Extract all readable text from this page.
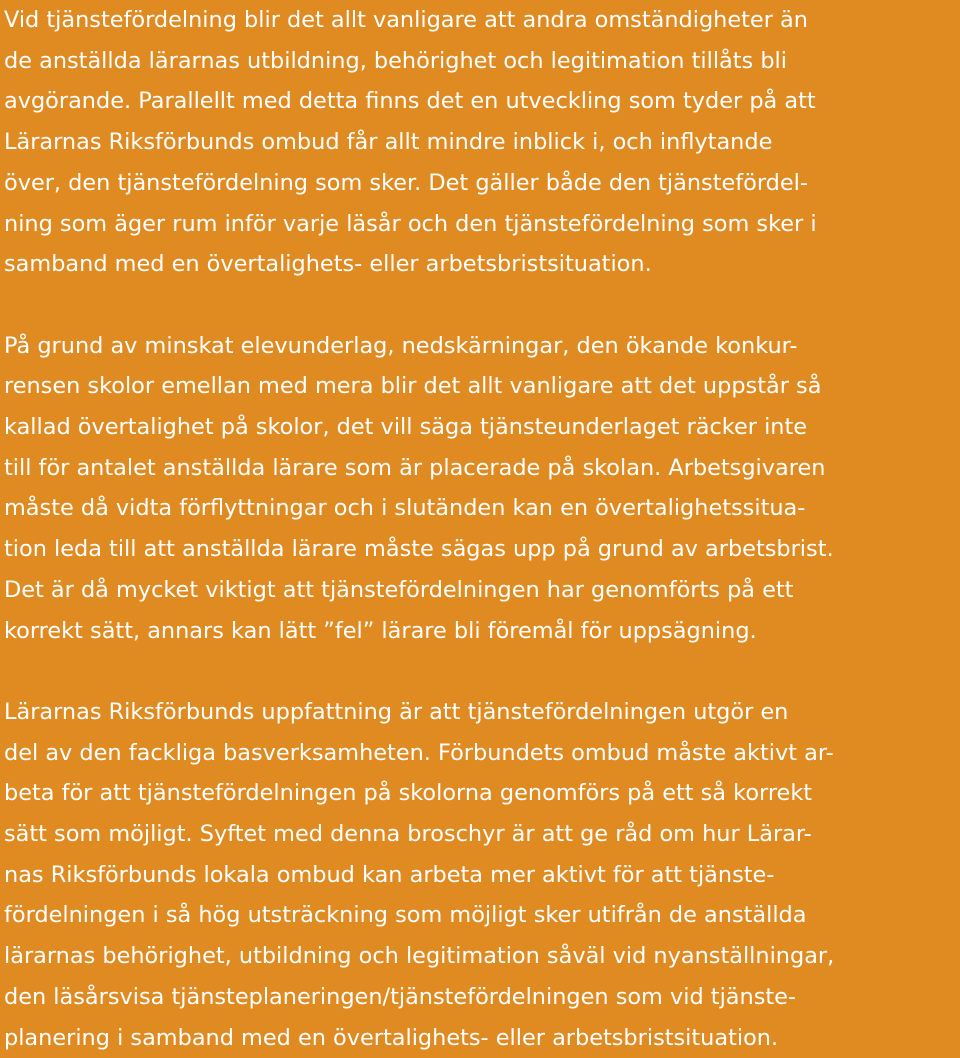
Vid tjänstefördelning blir det allt vanligare att andra omständigheter än
de anställda lärarnas utbildning, behörighet och legitimation tillåts bli
avgörande. Parallellt med detta finns det en utveckling som tyder på att
Lärarnas Riksförbunds ombud får allt mindre inblick i, och inflytande
över, den tjänstefördelning som sker. Det gäller både den tjänstefördel-
ning som äger rum inför varje läsår och den tjänstefördelning som sker i
samband med en övertalighets- eller arbetsbristsituation.

På grund av minskat elevunderlag, nedskärningar, den ökande konkur-
rensen skolor emellan med mera blir det allt vanligare att det uppstår så
kallad övertalighet på skolor, det vill säga tjänsteunderlaget räcker inte
till för antalet anställda lärare som är placerade på skolan. Arbetsgivaren
måste då vidta förflyttningar och i slutänden kan en övertalighetssitua-
tion leda till att anställda lärare måste sägas upp på grund av arbetsbrist.
Det är då mycket viktigt att tjänstefördelningen har genomförts på ett
korrekt sätt, annars kan lätt ”fel” lärare bli föremål för uppsägning.

Lärarnas Riksförbunds uppfattning är att tjänstefördelningen utgör en
del av den fackliga basverksamheten. Förbundets ombud måste aktivt ar-
beta för att tjänstefördelningen på skolorna genomförs på ett så korrekt
sätt som möjligt. Syftet med denna broschyr är att ge råd om hur Lärar-
nas Riksförbunds lokala ombud kan arbeta mer aktivt för att tjänste-
fördelningen i så hög utsträckning som möjligt sker utifrån de anställda
lärarnas behörighet, utbildning och legitimation såväl vid nyanställningar,
den läsårsvisa tjänsteplaneringen/tjänstefördelningen som vid tjänste-
planering i samband med en övertalighets- eller arbetsbristsituation.
